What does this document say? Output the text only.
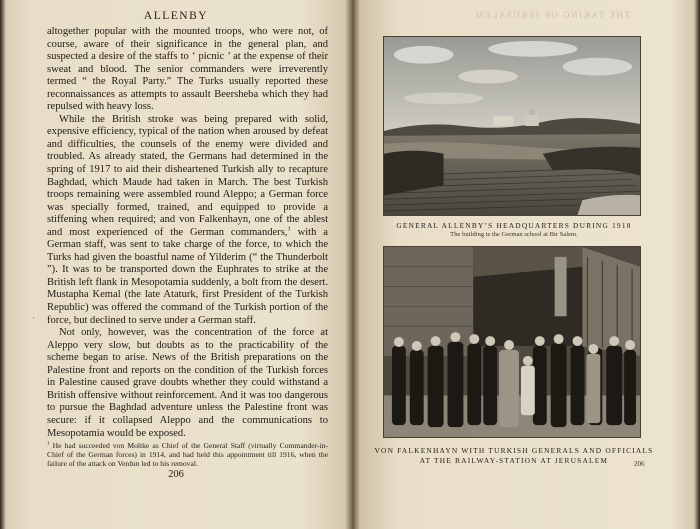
ALLENBY

altogether popular with the mounted troops, who were not, of course, aware of their significance in the general plan, and suspected a desire of the staffs to ‘ picnic ’ at the expense of their sweat and blood. The senior commanders were irreverently termed “ the Royal Party.” The Turks usually reported these reconnaissances as attempts to assault Beersheba which they had repulsed with heavy loss.

While the British stroke was being prepared with solid, expensive efficiency, typical of the nation when aroused by defeat and difficulties, the counsels of the enemy were divided and troubled. As already stated, the Germans had determined in the spring of 1917 to aid their disheartened Turkish ally to recapture Baghdad, which Maude had taken in March. The best Turkish troops remaining were assembled round Aleppo; a German force was specially formed, trained, and equipped to provide a stiffening when required; and von Falkenhayn, one of the ablest and most experienced of the German commanders,$^1$ with a German staff, was sent to take charge of the force, to which the Turks had given the boastful name of Yilderim (“ the Thunderbolt ”). It was to be transported down the Euphrates to strike at the British left flank in Mesopotamia suddenly, a bolt from the desert. Mustapha Kemal (the late Ataturk, first President of the Turkish Republic) was offered the command of the Turkish portion of the force, but declined to serve under a German staff.

Not only, however, was the concentration of the force at Aleppo very slow, but doubts as to the practicability of the scheme began to arise. News of the British preparations on the Palestine front and reports on the condition of the Turkish forces in Palestine caused grave doubts whether they could withstand a British offensive without reinforcement. And it was too dangerous to pursue the Baghdad adventure unless the Palestine front was secure: if it collapsed Aleppo and the communications to Mesopotamia would be exposed.

·
$^1$ He had succeeded von Moltke as Chief of the General Staff (virtually Commander-in-Chief of the German forces) in 1914, and had held this appointment till 1916, when the failure of the attack on Verdun led to his removal.
206
THE TAKING OF JERUSALEM
GENERAL ALLENBY’S HEADQUARTERS DURING 1918
The building is the German school at Bir Salem.
VON FALKENHAYN WITH TURKISH GENERALS AND OFFICIALS
AT THE RAILWAY-STATION AT JERUSALEM	206
